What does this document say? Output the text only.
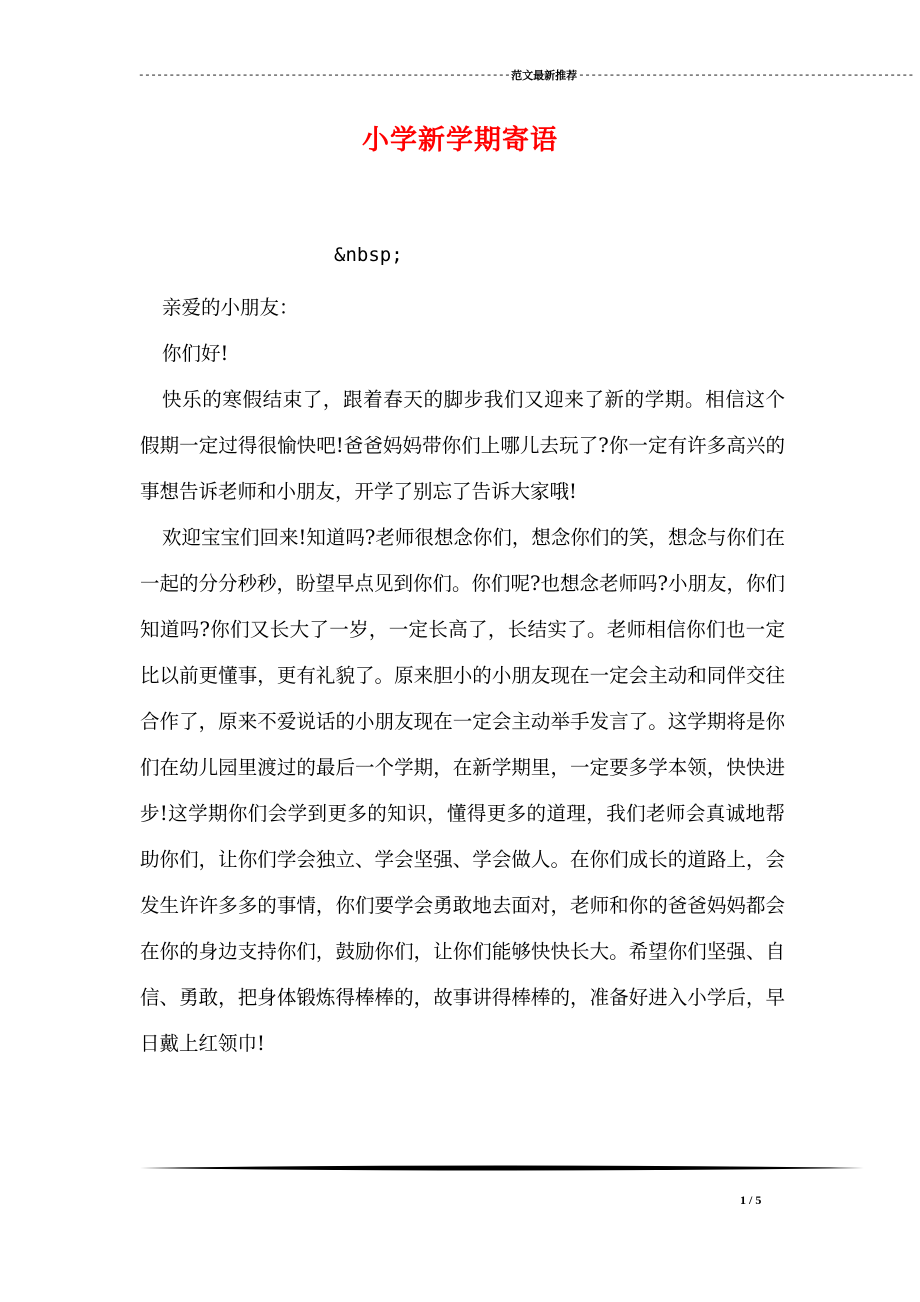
------------------------------------------------------------- 范文最新推荐 -------------------------------------------------------
小学新学期寄语
&nbsp;

亲爱的小朋友：

你们好!

快乐的寒假结束了，跟着春天的脚步我们又迎来了新的学期。相信这个假期一定过得很愉快吧!爸爸妈妈带你们上哪儿去玩了?你一定有许多高兴的事想告诉老师和小朋友，开学了别忘了告诉大家哦!

欢迎宝宝们回来!知道吗?老师很想念你们，想念你们的笑，想念与你们在一起的分分秒秒，盼望早点见到你们。你们呢?也想念老师吗?小朋友，你们知道吗?你们又长大了一岁，一定长高了，长结实了。老师相信你们也一定比以前更懂事，更有礼貌了。原来胆小的小朋友现在一定会主动和同伴交往合作了，原来不爱说话的小朋友现在一定会主动举手发言了。这学期将是你们在幼儿园里渡过的最后一个学期，在新学期里，一定要多学本领，快快进步!这学期你们会学到更多的知识，懂得更多的道理，我们老师会真诚地帮助你们，让你们学会独立、学会坚强、学会做人。在你们成长的道路上，会发生许许多多的事情，你们要学会勇敢地去面对，老师和你的爸爸妈妈都会在你的身边支持你们，鼓励你们，让你们能够快快长大。希望你们坚强、自信、勇敢，把身体锻炼得棒棒的，故事讲得棒棒的，准备好进入小学后，早日戴上红领巾!

1 / 5
